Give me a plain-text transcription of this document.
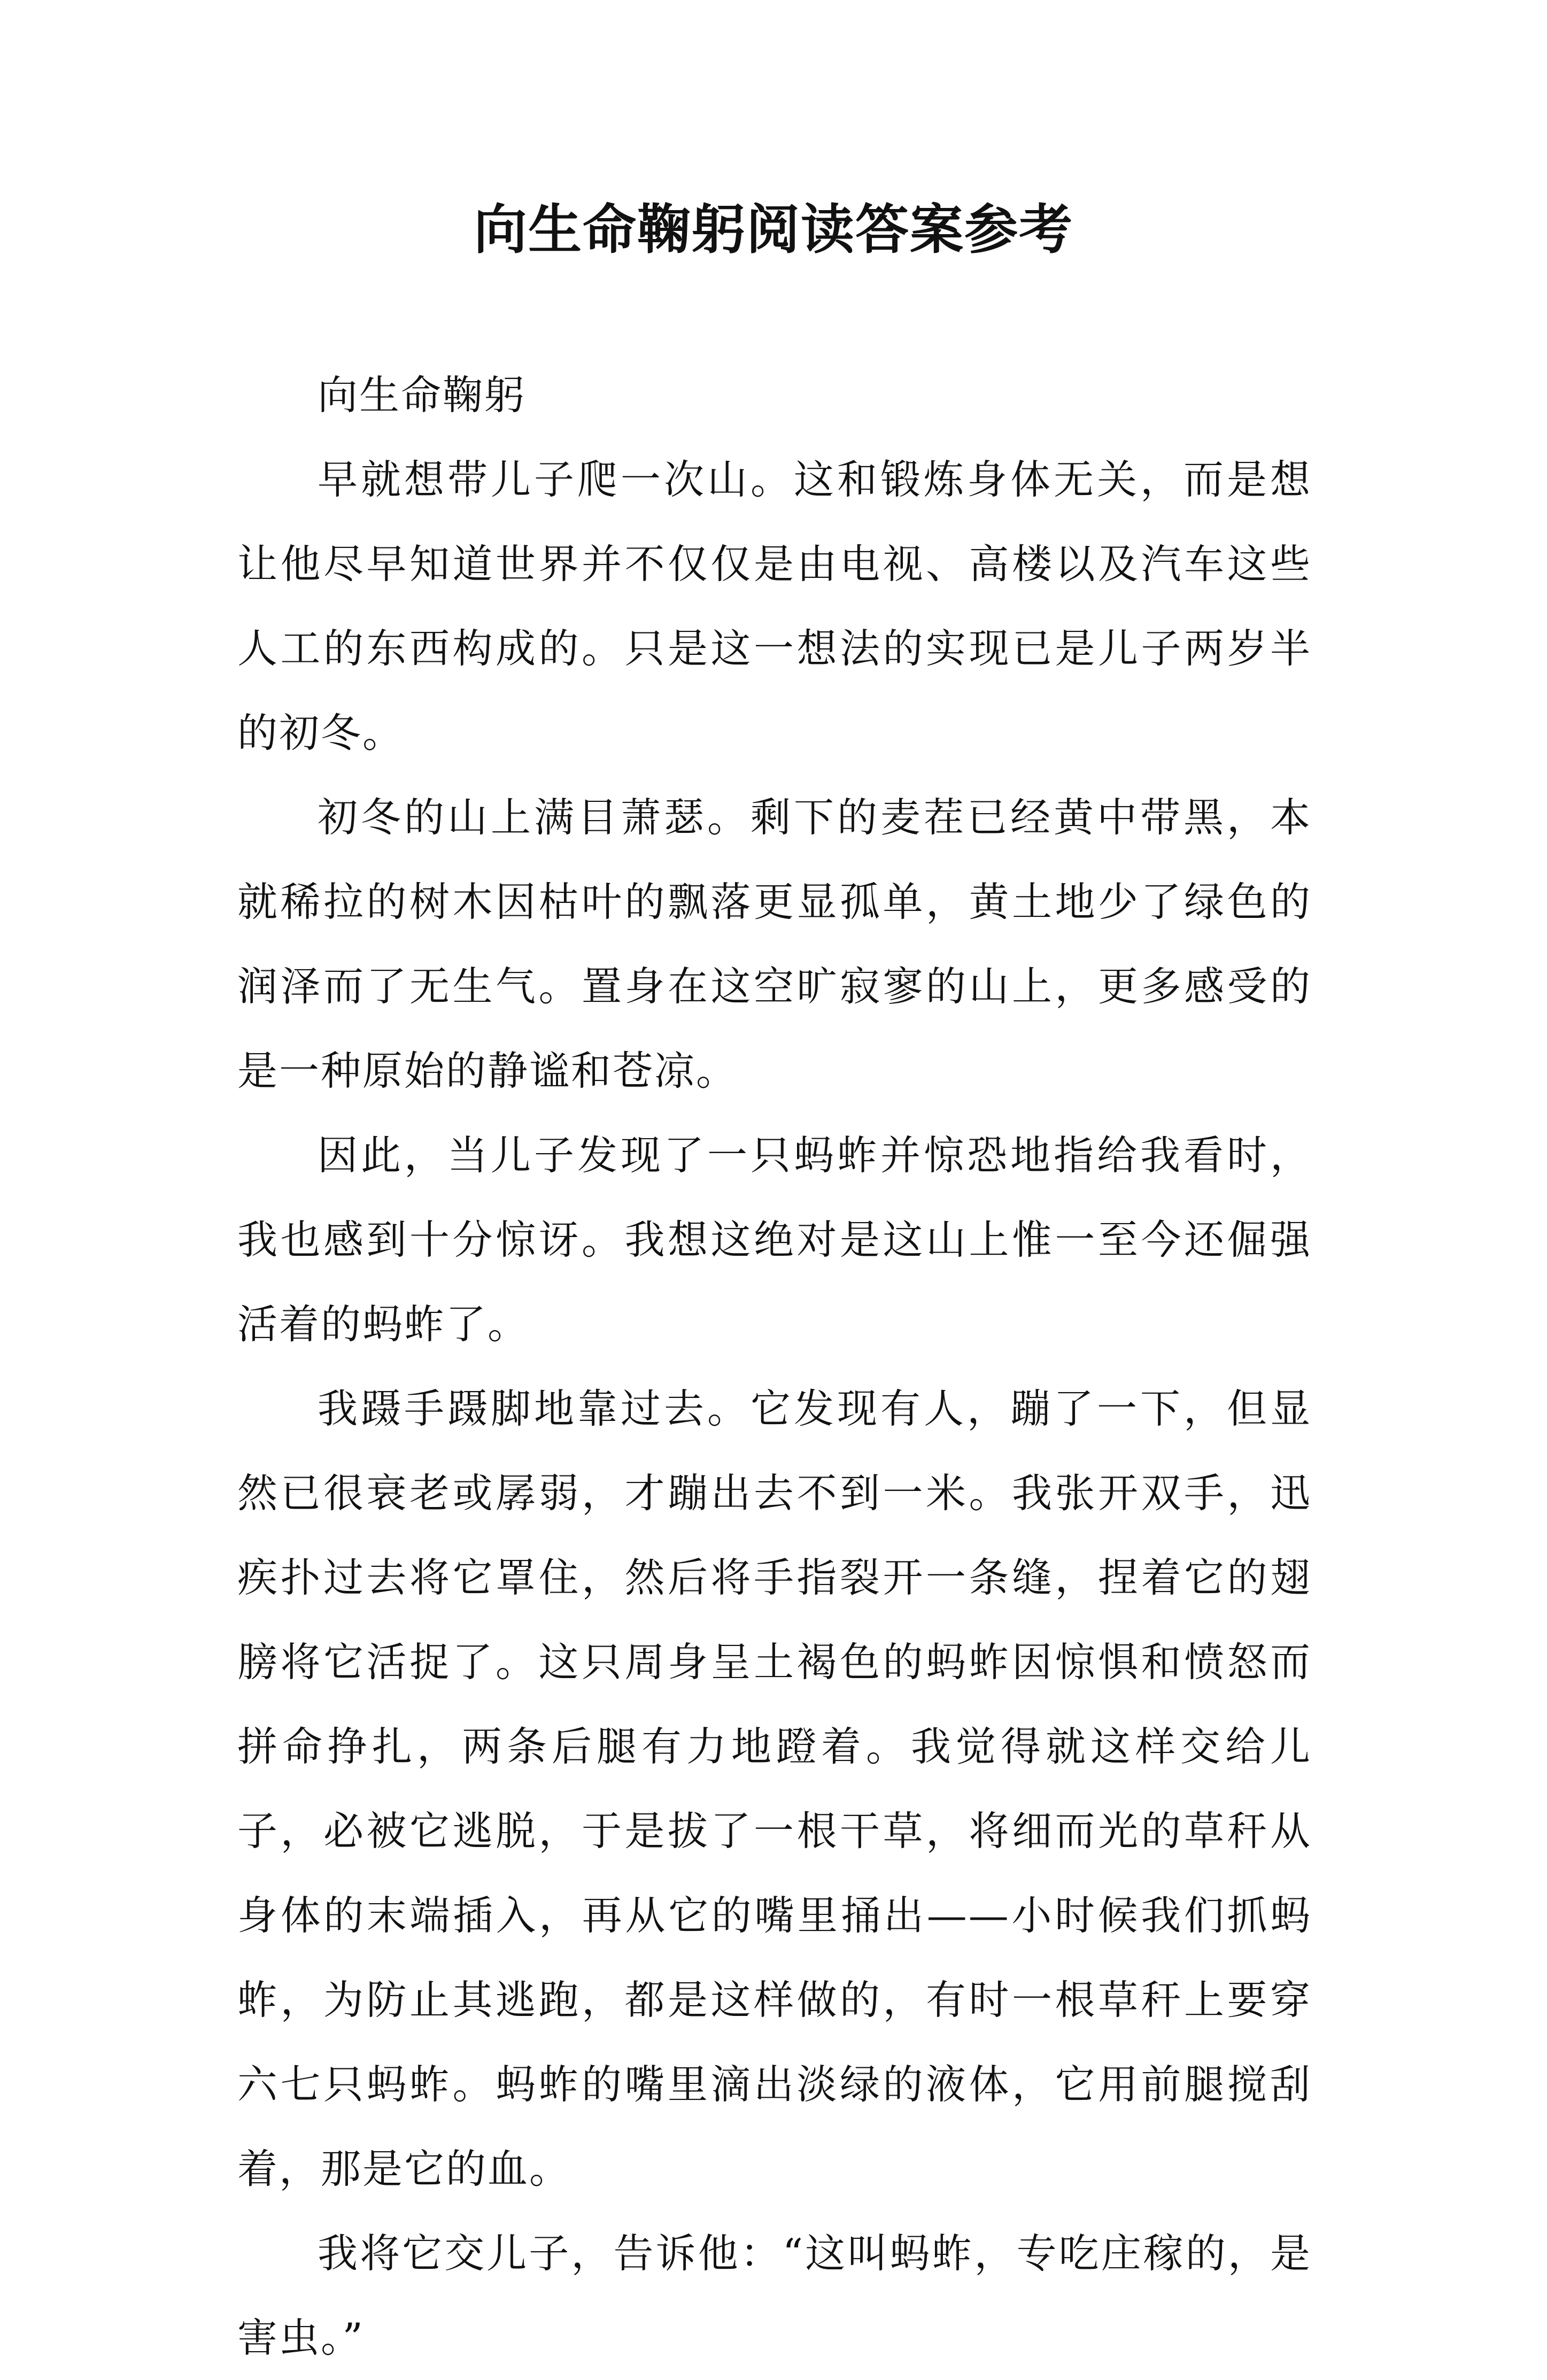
向生命鞠躬阅读答案参考

向生命鞠躬

早就想带儿子爬一次山。这和锻炼身体无关，而是想让他尽早知道世界并不仅仅是由电视、高楼以及汽车这些人工的东西构成的。只是这一想法的实现已是儿子两岁半的初冬。

初冬的山上满目萧瑟。剩下的麦茬已经黄中带黑，本就稀拉的树木因枯叶的飘落更显孤单，黄土地少了绿色的润泽而了无生气。置身在这空旷寂寥的山上，更多感受的是一种原始的静谧和苍凉。

因此，当儿子发现了一只蚂蚱并惊恐地指给我看时，我也感到十分惊讶。我想这绝对是这山上惟一至今还倔强活着的蚂蚱了。

我蹑手蹑脚地靠过去。它发现有人，蹦了一下，但显然已很衰老或孱弱，才蹦出去不到一米。我张开双手，迅疾扑过去将它罩住，然后将手指裂开一条缝，捏着它的翅膀将它活捉了。这只周身呈土褐色的蚂蚱因惊惧和愤怒而拼命挣扎，两条后腿有力地蹬着。我觉得就这样交给儿子，必被它逃脱，于是拔了一根干草，将细而光的草秆从身体的末端插入，再从它的嘴里捅出——小时候我们抓蚂蚱，为防止其逃跑，都是这样做的，有时一根草秆上要穿六七只蚂蚱。蚂蚱的嘴里滴出淡绿的液体，它用前腿搅刮着，那是它的血。

我将它交儿子，告诉他：“这叫蚂蚱，专吃庄稼的，是害虫。”
